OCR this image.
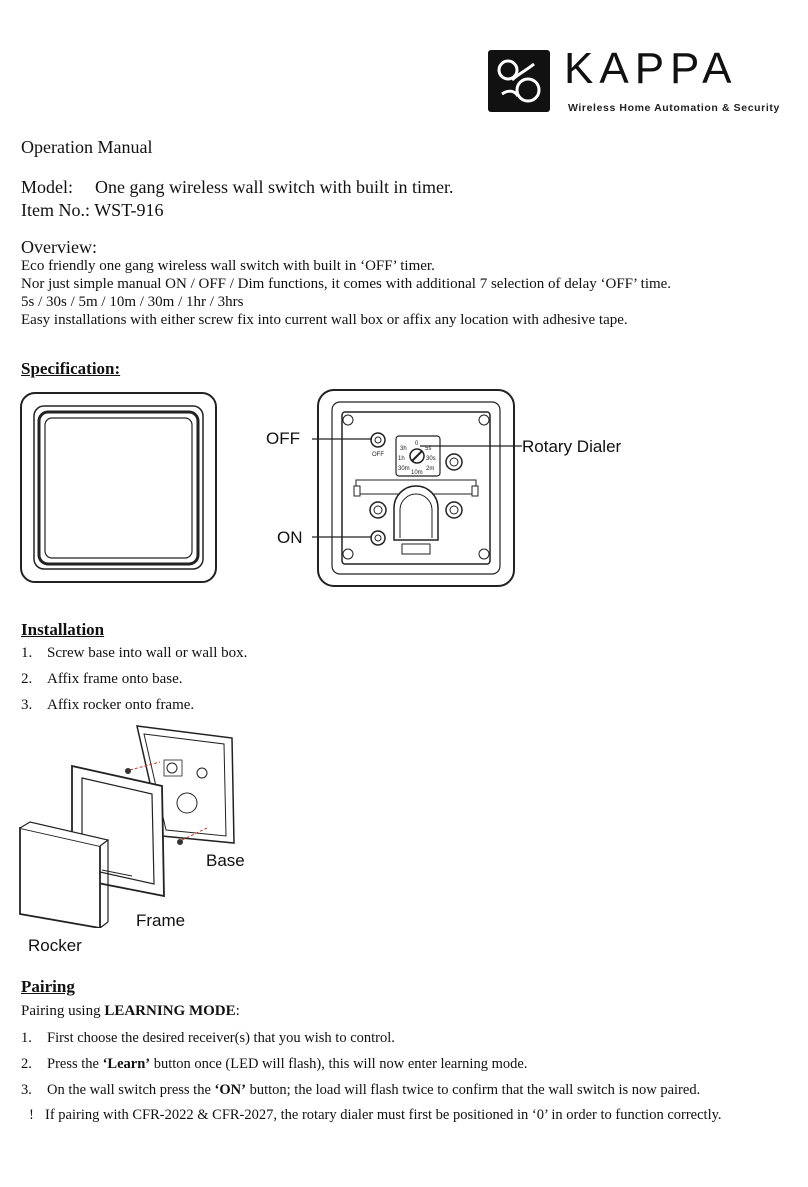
KAPPA
Wireless Home Automation & Security
Operation Manual
Model: One gang wireless wall switch with built in timer.
Item No.: WST-916
Overview:
Eco friendly one gang wireless wall switch with built in ‘OFF’ timer.
Nor just simple manual ON / OFF / Dim functions, it comes with additional 7 selection of delay ‘OFF’ time.
5s / 30s / 5m / 10m / 30m / 1hr / 3hrs
Easy installations with either screw fix into current wall box or affix any location with adhesive tape.
Specification:
OFF
0
3h	5s
1h	30s
30m	2m
10m
OFF
ON
Rotary Dialer
Installation
1. Screw base into wall or wall box.
2. Affix frame onto base.
3. Affix rocker onto frame.
Base
Frame
Rocker
Pairing
Pairing using LEARNING MODE:
1. First choose the desired receiver(s) that you wish to control.
2. Press the ‘Learn’ button once (LED will flash), this will now enter learning mode.
3. On the wall switch press the ‘ON’ button; the load will flash twice to confirm that the wall switch is now paired.
! If pairing with CFR-2022 & CFR-2027, the rotary dialer must first be positioned in ‘0’ in order to function correctly.
